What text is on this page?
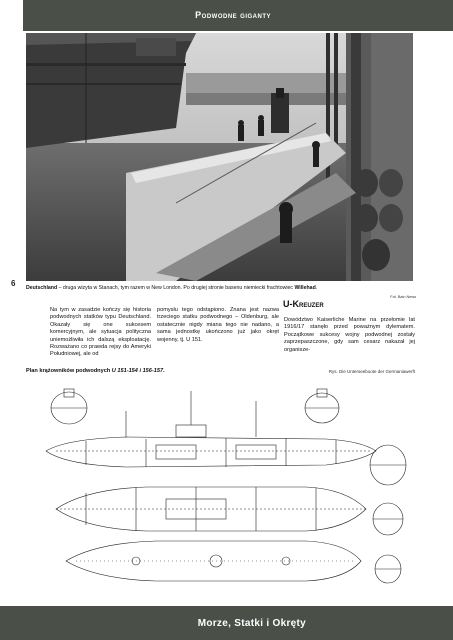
Podwodne giganty
6 Deutschland – druga wizyta w Stanach, tym razem w New London. Po drugiej stronie basenu niemiecki frachtowiec Willehad.
Fot. Bain News
Na tym w zasadzie kończy się historia podwodnych statków typu Deutschland. Okazały się one sukcesem komercyjnym, ale sytuacja polityczna uniemożliwiła ich dalszą eksploatację. Rozważano co prawda rejsy do Ameryki Południowej, ale od
pomysłu tego odstąpiono. Znana jest nazwa trzeciego statku podwodnego – Oldenburg, ale ostatecznie nigdy miana tego nie nadano, a sama jednostkę ukończono już jako okręt wojenny, tj. U 151.
U-Kreuzer
Dowództwo Kaiserliche Marine na przełomie lat 1916/17 stanęło przed poważnym dylematem. Początkowe sukcesy wojny podwodnej zostały zaprzepaszczone, gdy sam cesarz nakazał jej organisze-
Plan krążowników podwodnych U 151-154 i 156-157.	Rys. Die Unterseeboote der Germaniawerft
Morze, Statki i Okręty
